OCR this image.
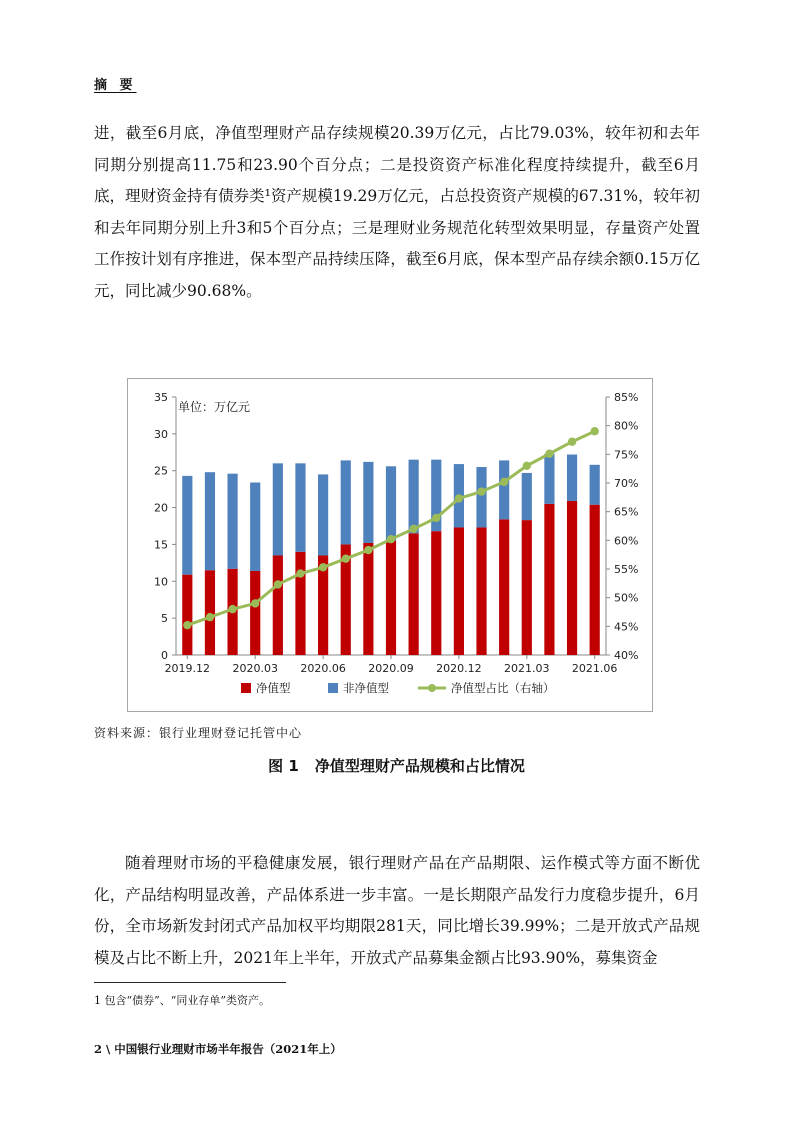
摘 要

进，截至6月底，净值型理财产品存续规模20.39万亿元，占比79.03%，较年初和去年同期分别提高11.75和23.90个百分点；二是投资资产标准化程度持续提升，截至6月底，理财资金持有债券类¹资产规模19.29万亿元，占总投资资产规模的67.31%，较年初和去年同期分别上升3和5个百分点；三是理财业务规范化转型效果明显，存量资产处置工作按计划有序推进，保本型产品持续压降，截至6月底，保本型产品存续余额0.15万亿元，同比减少90.68%。

0
5
10
15
20
25
30
35
40%
45%
50%
55%
60%
65%
70%
75%
80%
85%
2019.12 2020.03 2020.06 2020.09 2020.12 2021.03 2021.06
单位：万亿元
净值型	非净值型	净值型占比（右轴）
资料来源：银行业理财登记托管中心
图 1 净值型理财产品规模和占比情况

随着理财市场的平稳健康发展，银行理财产品在产品期限、运作模式等方面不断优化，产品结构明显改善，产品体系进一步丰富。一是长期限产品发行力度稳步提升，6月份，全市场新发封闭式产品加权平均期限281天，同比增长39.99%；二是开放式产品规模及占比不断上升，2021年上半年，开放式产品募集金额占比93.90%，募集资金

1 包含“债券”、“同业存单”类资产。
2 \ 中国银行业理财市场半年报告（2021年上）
